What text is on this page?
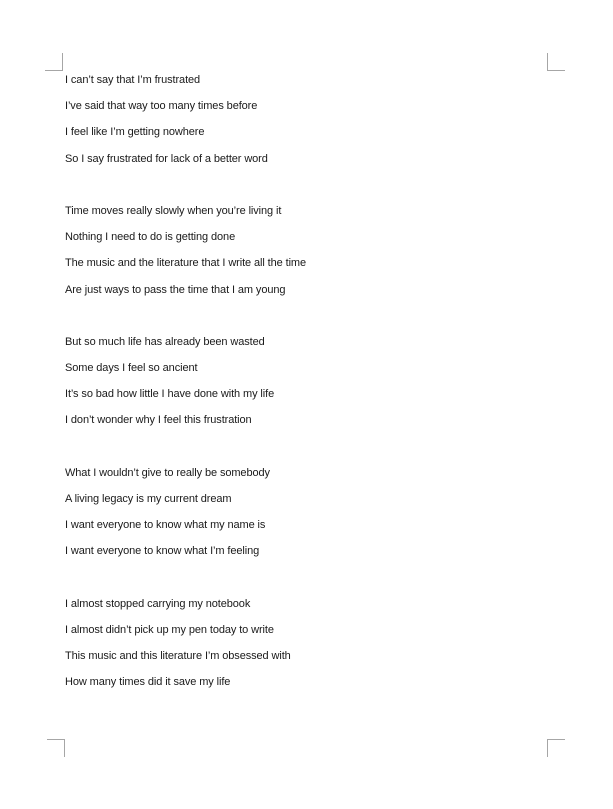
I can’t say that I’m frustrated

I’ve said that way too many times before

I feel like I’m getting nowhere

So I say frustrated for lack of a better word

Time moves really slowly when you’re living it

Nothing I need to do is getting done

The music and the literature that I write all the time

Are just ways to pass the time that I am young

But so much life has already been wasted

Some days I feel so ancient

It’s so bad how little I have done with my life

I don’t wonder why I feel this frustration

What I wouldn’t give to really be somebody

A living legacy is my current dream

I want everyone to know what my name is

I want everyone to know what I’m feeling

I almost stopped carrying my notebook

I almost didn’t pick up my pen today to write

This music and this literature I’m obsessed with

How many times did it save my life
